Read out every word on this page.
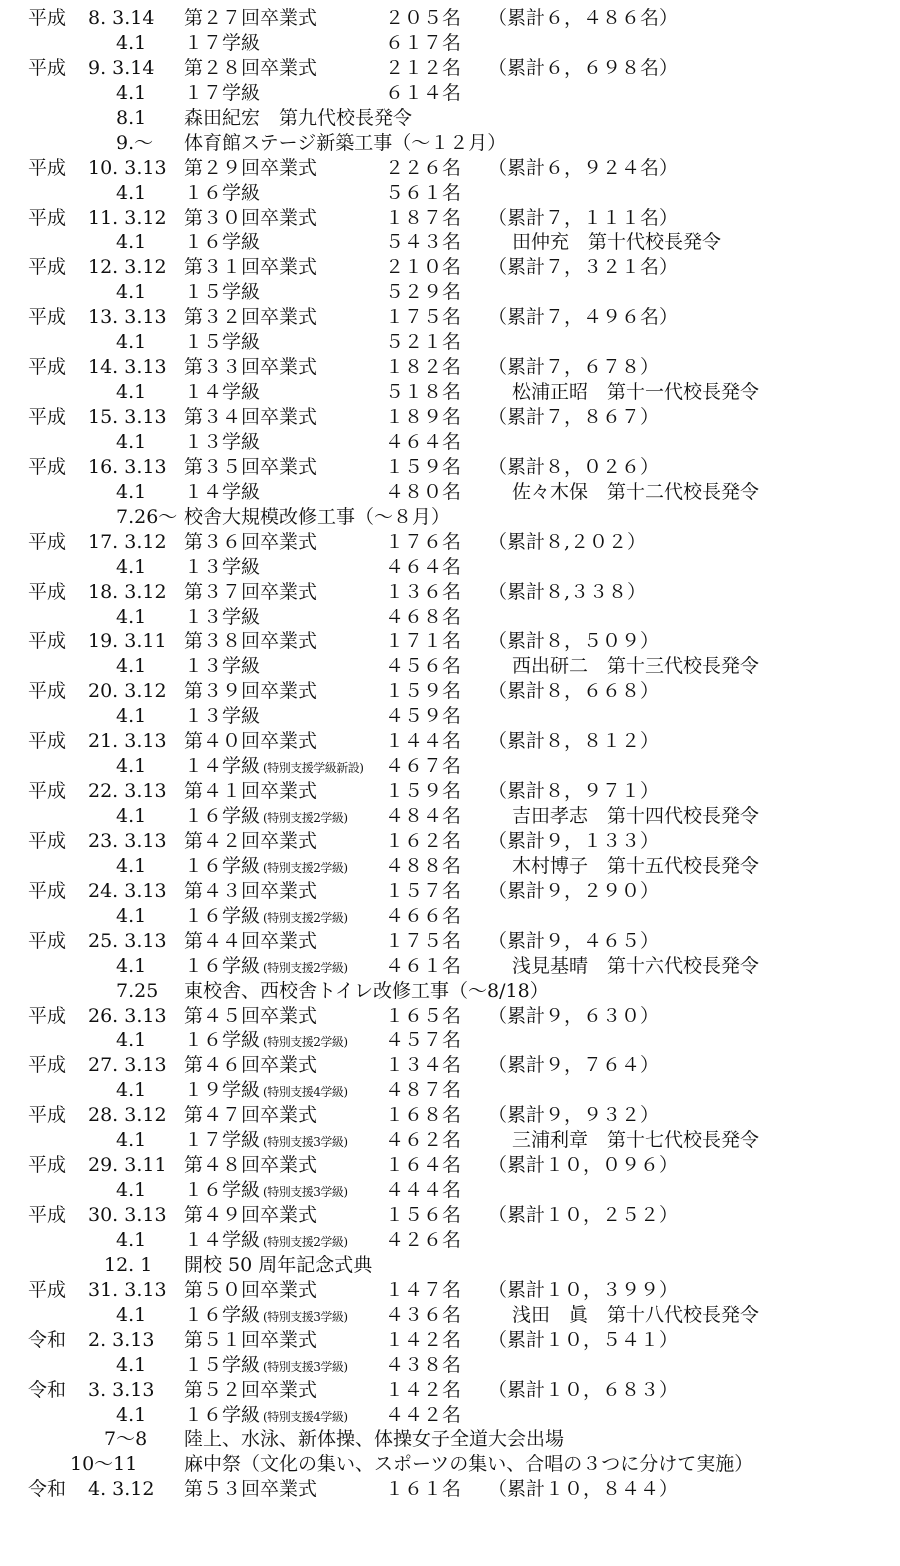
平成 8. 3.14 第２７回卒業式	２０５名 （累計６，４８６名）
4.1 １７学級	６１７名
平成 9. 3.14 第２８回卒業式	２１２名 （累計６，６９８名）
4.1 １７学級	６１４名
8.1 森田紀宏　第九代校長発令
9.～ 体育館ステージ新築工事（～１２月）
平成 10. 3.13 第２９回卒業式	２２６名 （累計６，９２４名）
4.1 １６学級	５６１名
平成 11. 3.12 第３０回卒業式	１８７名 （累計７，１１１名）
4.1 １６学級	５４３名	田仲充　第十代校長発令
平成 12. 3.12 第３１回卒業式	２１０名 （累計７，３２１名）
4.1 １５学級	５２９名
平成 13. 3.13 第３２回卒業式	１７５名 （累計７，４９６名）
4.1 １５学級	５２１名
平成 14. 3.13 第３３回卒業式	１８２名 （累計７，６７８）
4.1 １４学級	５１８名	松浦正昭　第十一代校長発令
平成 15. 3.13 第３４回卒業式	１８９名 （累計７，８６７）
4.1 １３学級	４６４名
平成 16. 3.13 第３５回卒業式	１５９名 （累計８，０２６）
4.1 １４学級	４８０名	佐々木保　第十二代校長発令
7.26～ 校舎大規模改修工事（～８月）
平成 17. 3.12 第３６回卒業式	１７６名 （累計８,２０２）
4.1 １３学級	４６４名
平成 18. 3.12 第３７回卒業式	１３６名 （累計８,３３８）
4.1 １３学級	４６８名
平成 19. 3.11 第３８回卒業式	１７１名 （累計８，５０９）
4.1 １３学級	４５６名	西出研二　第十三代校長発令
平成 20. 3.12 第３９回卒業式	１５９名 （累計８，６６８）
4.1 １３学級	４５９名
平成 21. 3.13 第４０回卒業式	１４４名 （累計８，８１２）
4.1 １４学級 (特別支援学級新設) ４６７名
平成 22. 3.13 第４１回卒業式	１５９名 （累計８，９７１）
4.1 １６学級 (特別支援2学級) ４８４名	吉田孝志　第十四代校長発令
平成 23. 3.13 第４２回卒業式	１６２名 （累計９，１３３）
4.1 １６学級 (特別支援2学級) ４８８名	木村博子　第十五代校長発令
平成 24. 3.13 第４３回卒業式	１５７名 （累計９，２９０）
4.1 １６学級 (特別支援2学級) ４６６名
平成 25. 3.13 第４４回卒業式	１７５名 （累計９，４６５）
4.1 １６学級 (特別支援2学級) ４６１名	浅見基晴　第十六代校長発令
7.25 東校舎、西校舎トイレ改修工事（～8/18）
平成 26. 3.13 第４５回卒業式	１６５名 （累計９，６３０）
4.1 １６学級 (特別支援2学級) ４５７名
平成 27. 3.13 第４６回卒業式	１３４名 （累計９，７６４）
4.1 １９学級 (特別支援4学級) ４８７名
平成 28. 3.12 第４７回卒業式	１６８名 （累計９，９３２）
4.1 １７学級 (特別支援3学級) ４６２名	三浦利章　第十七代校長発令
平成 29. 3.11 第４８回卒業式	１６４名 （累計１０，０９６）
4.1 １６学級 (特別支援3学級) ４４４名
平成 30. 3.13 第４９回卒業式	１５６名 （累計１０，２５２）
4.1 １４学級 (特別支援2学級) ４２６名
12. 1 開校 50 周年記念式典
平成 31. 3.13 第５０回卒業式	１４７名 （累計１０，３９９）
4.1 １６学級 (特別支援3学級) ４３６名	浅田　眞　第十八代校長発令
令和 2. 3.13 第５１回卒業式	１４２名 （累計１０，５４１）
4.1 １５学級 (特別支援3学級) ４３８名
令和 3. 3.13 第５２回卒業式	１４２名 （累計１０，６８３）
4.1 １６学級 (特別支援4学級) ４４２名
7～8 陸上、水泳、新体操、体操女子全道大会出場
10～11 麻中祭（文化の集い、スポーツの集い、合唱の３つに分けて実施）
令和 4. 3.12 第５３回卒業式	１６１名 （累計１０，８４４）
